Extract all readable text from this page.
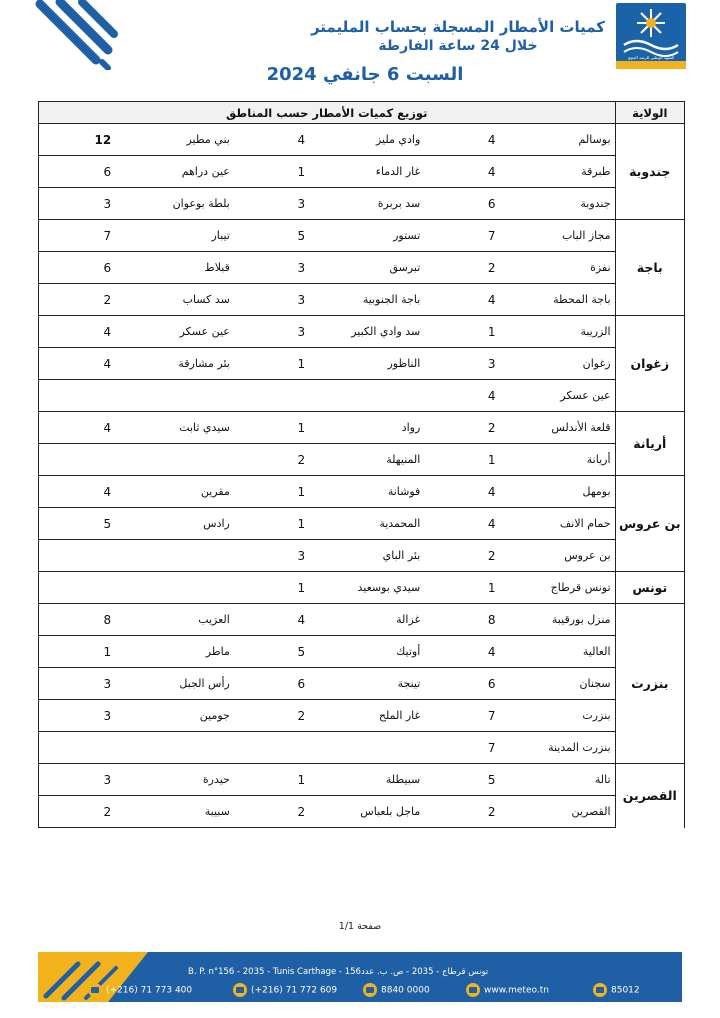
المعهد الوطني للرصد الجوي
كميات الأمطار المسجلة بحساب المليمتر
خلال 24 ساعة الفارطة
السبت 6 جانفي 2024
الولاية	توزيع كميات الأمطار حسب المناطق					
جندوبة	بوسالم	4	وادي مليز	4	بني مطير	12
	طبرقة	4	غار الدماء	1	عين دراهم	6
	جندوبة	6	سد بربرة	3	بلطة بوعوان	3
باجة	مجاز الباب	7	تستور	5	تيبار	7
	نفزة	2	تبرسق	3	قبلاط	6
	باجة المحطة	4	باجة الجنوبية	3	سد كساب	2
زغوان	الزريبة	1	سد وادي الكبير	3	عين عسكر	4
	زغوان	3	الناظور	1	بئر مشارقة	4
	عين عسكر	4				
أريانة	قلعة الأندلس	2	رواد	1	سيدي ثابت	4
	أريانة	1	المنيهلة	2		
بن عروس	بومهل	4	فوشانة	1	مقرين	4
	حمام الانف	4	المحمدية	1	رادس	5
	بن عروس	2	بئر الباي	3		
تونس	تونس قرطاج	1	سيدي بوسعيد	1		
بنزرت	منزل بورقيبة	8	غزالة	4	العزيب	8
	العالية	4	أوتيك	5	ماطر	1
	سجنان	6	تينجة	6	رأس الجبل	3
	بنزرت	7	غار الملح	2	جومين	3
	بنزرت المدينة	7				
القصرين	تالة	5	سبيطلة	1	حيدرة	3
	القصرين	2	ماجل بلعباس	2	سبيبة	2
صفحة 1/1
B. P. n°156 - 2035 - Tunis Carthage - تونس قرطاج - 2035 - ص. ب. عدد156
(+216) 71 773 400	(+216) 71 772 609	8840 0000	www.meteo.tn	85012
